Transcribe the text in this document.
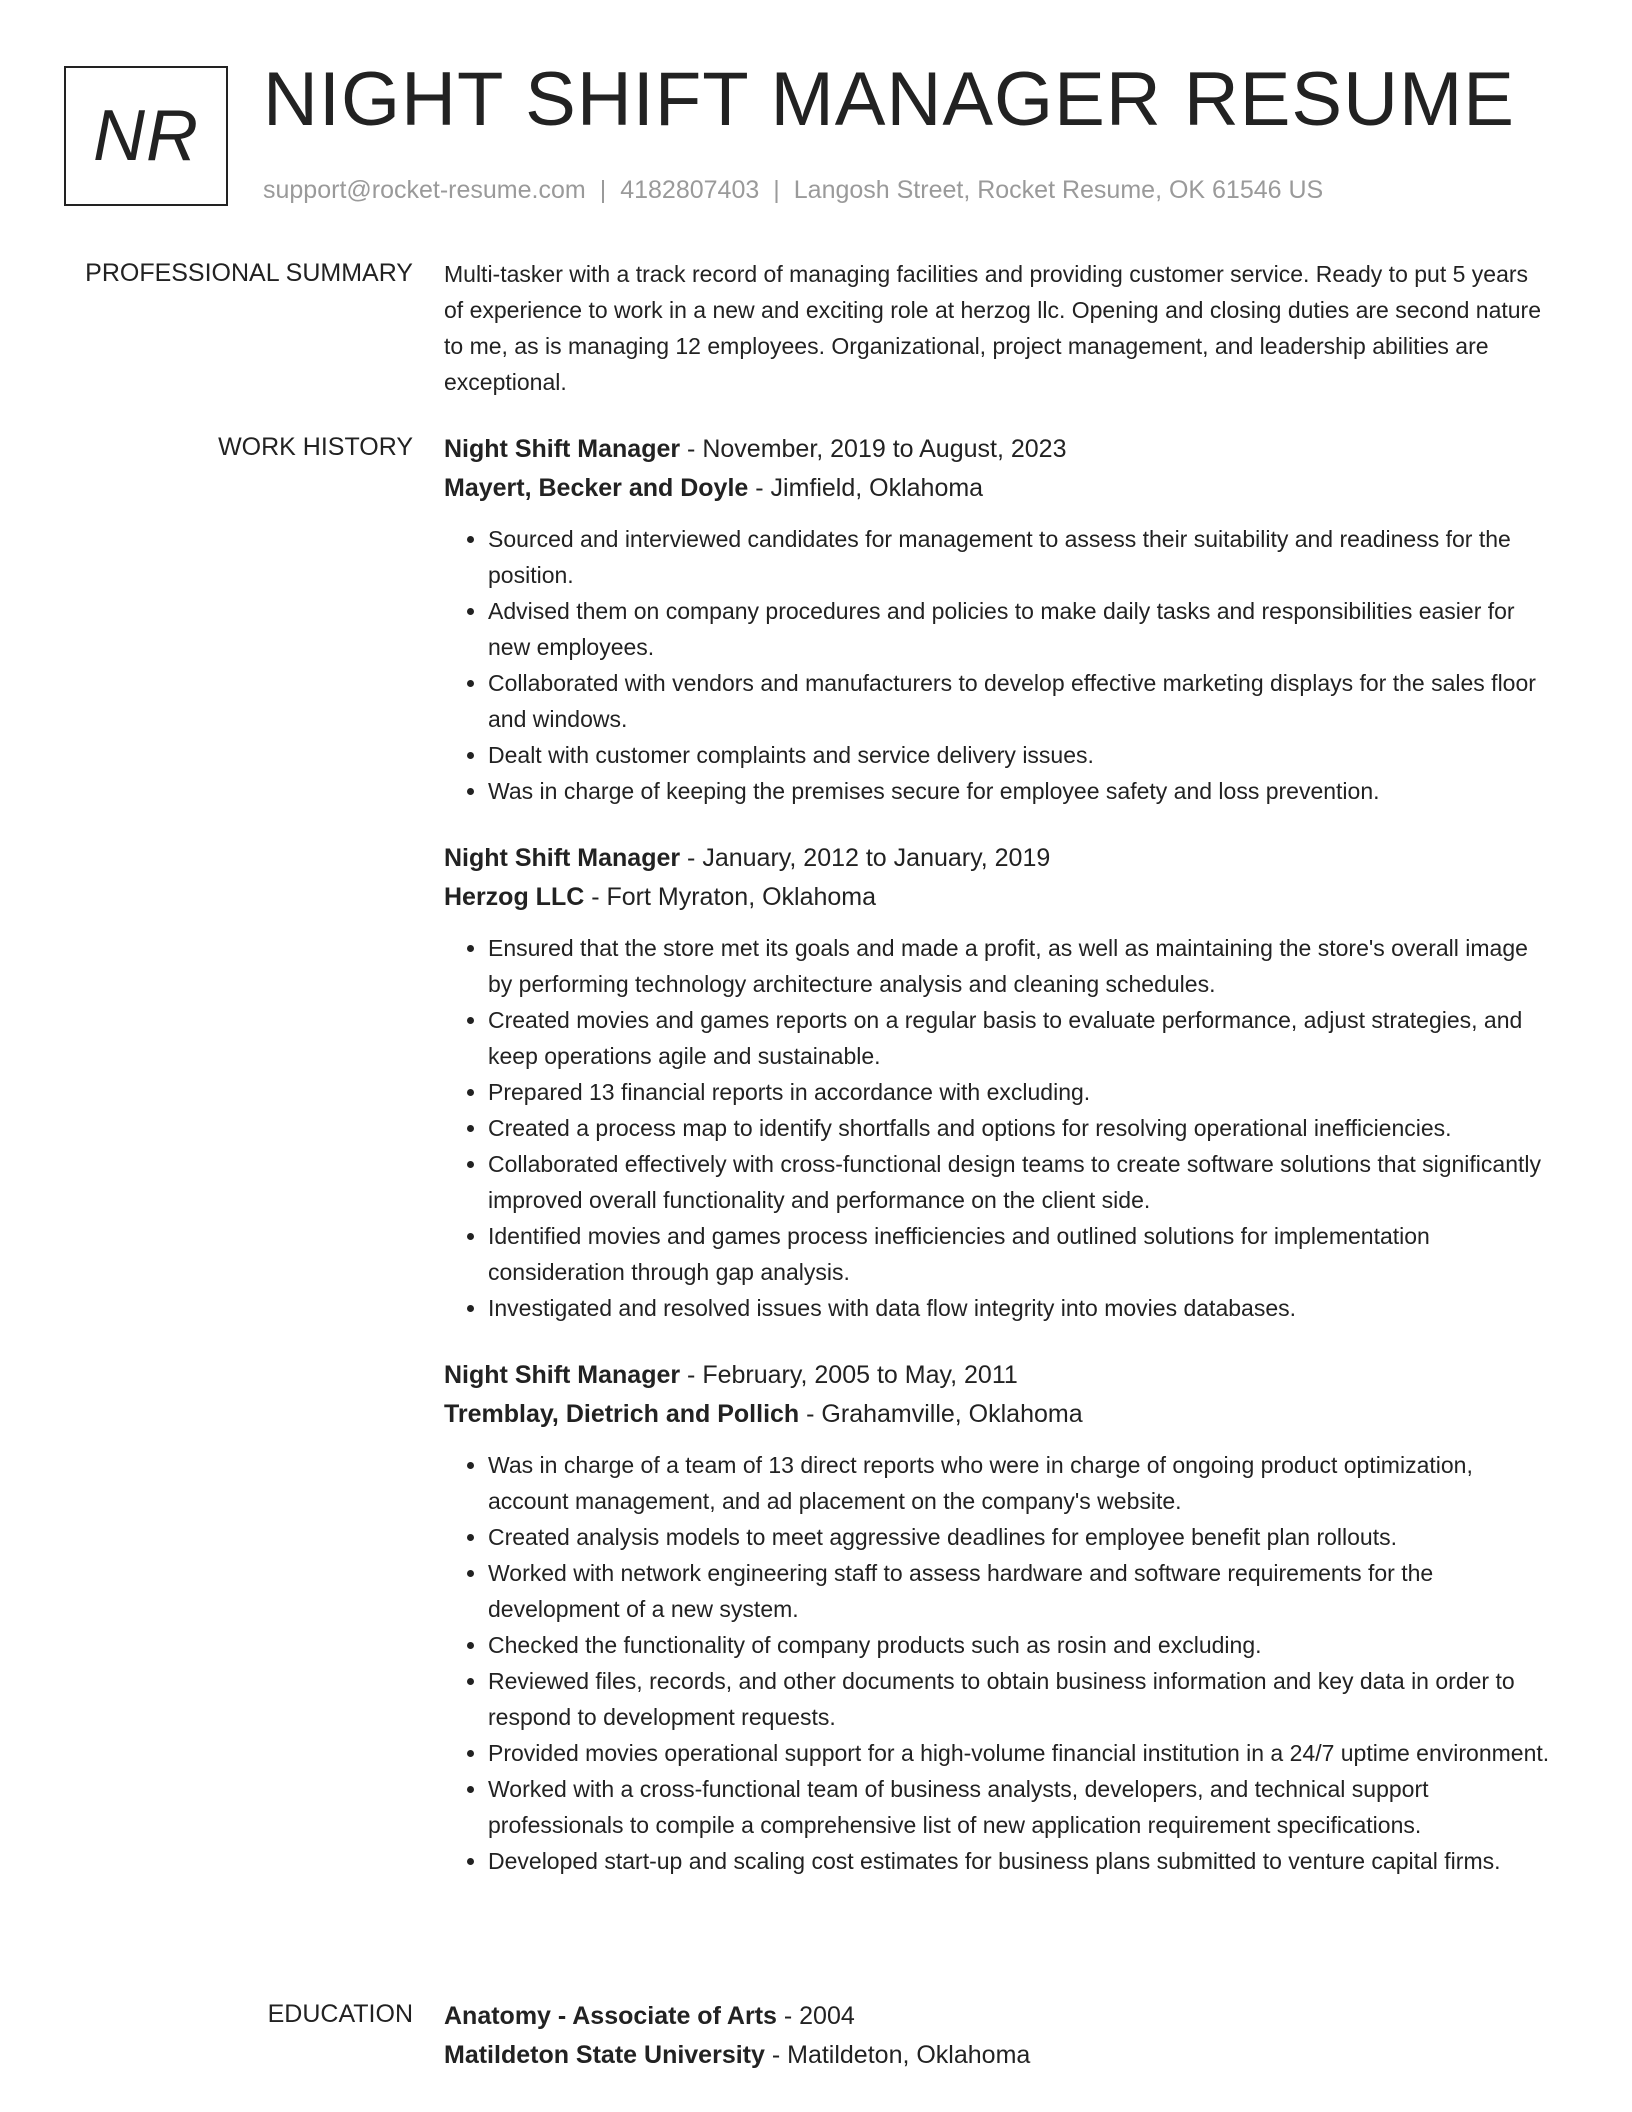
NR NIGHT SHIFT MANAGER RESUME
support@rocket-resume.com | 4182807403 | Langosh Street, Rocket Resume, OK 61546 US
PROFESSIONAL SUMMARY Multi-tasker with a track record of managing facilities and providing customer service. Ready to put 5 years of experience to work in a new and exciting role at herzog llc. Opening and closing duties are second nature to me, as is managing 12 employees. Organizational, project management, and leadership abilities are exceptional.

WORK HISTORY Night Shift Manager - November, 2019 to August, 2023
Mayert, Becker and Doyle - Jimfield, Oklahoma
• Sourced and interviewed candidates for management to assess their suitability and readiness for the position.
• Advised them on company procedures and policies to make daily tasks and responsibilities easier for new employees.
• Collaborated with vendors and manufacturers to develop effective marketing displays for the sales floor and windows.
• Dealt with customer complaints and service delivery issues.
• Was in charge of keeping the premises secure for employee safety and loss prevention.
Night Shift Manager - January, 2012 to January, 2019
Herzog LLC - Fort Myraton, Oklahoma
• Ensured that the store met its goals and made a profit, as well as maintaining the store's overall image by performing technology architecture analysis and cleaning schedules.
• Created movies and games reports on a regular basis to evaluate performance, adjust strategies, and keep operations agile and sustainable.
• Prepared 13 financial reports in accordance with excluding.
• Created a process map to identify shortfalls and options for resolving operational inefficiencies.
• Collaborated effectively with cross-functional design teams to create software solutions that significantly improved overall functionality and performance on the client side.
• Identified movies and games process inefficiencies and outlined solutions for implementation consideration through gap analysis.
• Investigated and resolved issues with data flow integrity into movies databases.
Night Shift Manager - February, 2005 to May, 2011
Tremblay, Dietrich and Pollich - Grahamville, Oklahoma
• Was in charge of a team of 13 direct reports who were in charge of ongoing product optimization, account management, and ad placement on the company's website.
• Created analysis models to meet aggressive deadlines for employee benefit plan rollouts.
• Worked with network engineering staff to assess hardware and software requirements for the development of a new system.
• Checked the functionality of company products such as rosin and excluding.
• Reviewed files, records, and other documents to obtain business information and key data in order to respond to development requests.
• Provided movies operational support for a high-volume financial institution in a 24/7 uptime environment.
• Worked with a cross-functional team of business analysts, developers, and technical support professionals to compile a comprehensive list of new application requirement specifications.
• Developed start-up and scaling cost estimates for business plans submitted to venture capital firms.
EDUCATION Anatomy - Associate of Arts - 2004
Matildeton State University - Matildeton, Oklahoma
